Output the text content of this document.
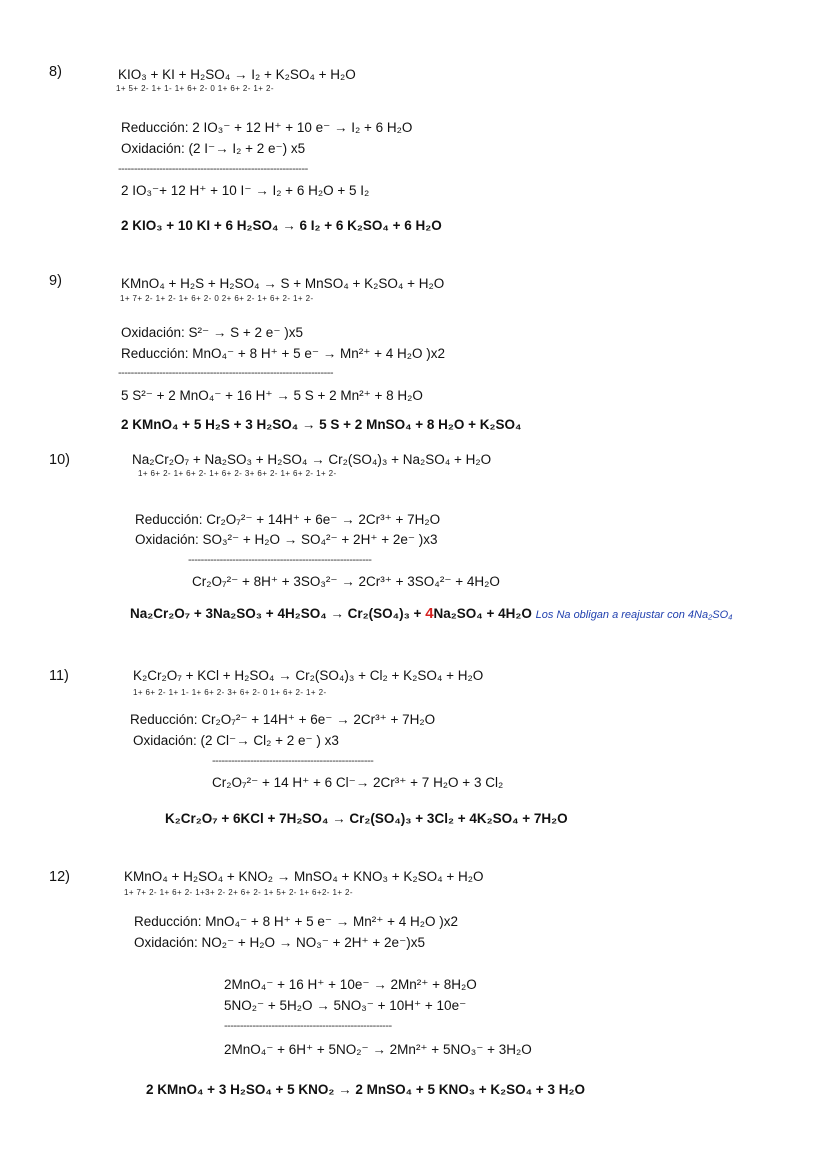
8)	KIO₃ + KI + H₂SO₄ → I₂ + K₂SO₄ + H₂O
1+ 5+ 2- 1+ 1- 1+ 6+ 2- 0 1+ 6+ 2- 1+ 2-
Reducción: 2 IO₃⁻ + 12 H⁺ + 10 e⁻ → I₂ + 6 H₂O
Oxidación: (2 I⁻→ I₂ + 2 e⁻) x5
------------------------------------------------------------
2 IO₃⁻+ 12 H⁺ + 10 I⁻ → I₂ + 6 H₂O + 5 I₂
2 KIO₃ + 10 KI + 6 H₂SO₄ → 6 I₂ + 6 K₂SO₄ + 6 H₂O
9)	KMnO₄ + H₂S + H₂SO₄ → S + MnSO₄ + K₂SO₄ + H₂O
1+ 7+ 2- 1+ 2- 1+ 6+ 2- 0 2+ 6+ 2- 1+ 6+ 2- 1+ 2-
Oxidación: S²⁻ → S + 2 e⁻ )x5
Reducción: MnO₄⁻ + 8 H⁺ + 5 e⁻ → Mn²⁺ + 4 H₂O )x2
--------------------------------------------------------------------
5 S²⁻ + 2 MnO₄⁻ + 16 H⁺ → 5 S + 2 Mn²⁺ + 8 H₂O
2 KMnO₄ + 5 H₂S + 3 H₂SO₄ → 5 S + 2 MnSO₄ + 8 H₂O + K₂SO₄
10)	Na₂Cr₂O₇ + Na₂SO₃ + H₂SO₄ → Cr₂(SO₄)₃ + Na₂SO₄ + H₂O
1+ 6+ 2- 1+ 6+ 2- 1+ 6+ 2- 3+ 6+ 2- 1+ 6+ 2- 1+ 2-
Reducción: Cr₂O₇²⁻ + 14H⁺ + 6e⁻ → 2Cr³⁺ + 7H₂O
Oxidación: SO₃²⁻ + H₂O → SO₄²⁻ + 2H⁺ + 2e⁻ )x3
----------------------------------------------------------
Cr₂O₇²⁻ + 8H⁺ + 3SO₃²⁻ → 2Cr³⁺ + 3SO₄²⁻ + 4H₂O
Na₂Cr₂O₇ + 3Na₂SO₃ + 4H₂SO₄ → Cr₂(SO₄)₃ + 4Na₂SO₄ + 4H₂O Los Na obligan a reajustar con 4Na₂SO₄
11)	K₂Cr₂O₇ + KCl + H₂SO₄ → Cr₂(SO₄)₃ + Cl₂ + K₂SO₄ + H₂O
1+ 6+ 2- 1+ 1- 1+ 6+ 2- 3+ 6+ 2- 0 1+ 6+ 2- 1+ 2-
Reducción: Cr₂O₇²⁻ + 14H⁺ + 6e⁻ → 2Cr³⁺ + 7H₂O
Oxidación: (2 Cl⁻→ Cl₂ + 2 e⁻ ) x3
---------------------------------------------------
Cr₂O₇²⁻ + 14 H⁺ + 6 Cl⁻→ 2Cr³⁺ + 7 H₂O + 3 Cl₂
K₂Cr₂O₇ + 6KCl + 7H₂SO₄ → Cr₂(SO₄)₃ + 3Cl₂ + 4K₂SO₄ + 7H₂O
12)	KMnO₄ + H₂SO₄ + KNO₂ → MnSO₄ + KNO₃ + K₂SO₄ + H₂O
1+ 7+ 2- 1+ 6+ 2- 1+3+ 2- 2+ 6+ 2- 1+ 5+ 2- 1+ 6+2- 1+ 2-
Reducción: MnO₄⁻ + 8 H⁺ + 5 e⁻ → Mn²⁺ + 4 H₂O )x2
Oxidación: NO₂⁻ + H₂O → NO₃⁻ + 2H⁺ + 2e⁻)x5
2MnO₄⁻ + 16 H⁺ + 10e⁻ → 2Mn²⁺ + 8H₂O
5NO₂⁻ + 5H₂O → 5NO₃⁻ + 10H⁺ + 10e⁻
-----------------------------------------------------
2MnO₄⁻ + 6H⁺ + 5NO₂⁻ → 2Mn²⁺ + 5NO₃⁻ + 3H₂O
2 KMnO₄ + 3 H₂SO₄ + 5 KNO₂ → 2 MnSO₄ + 5 KNO₃ + K₂SO₄ + 3 H₂O
